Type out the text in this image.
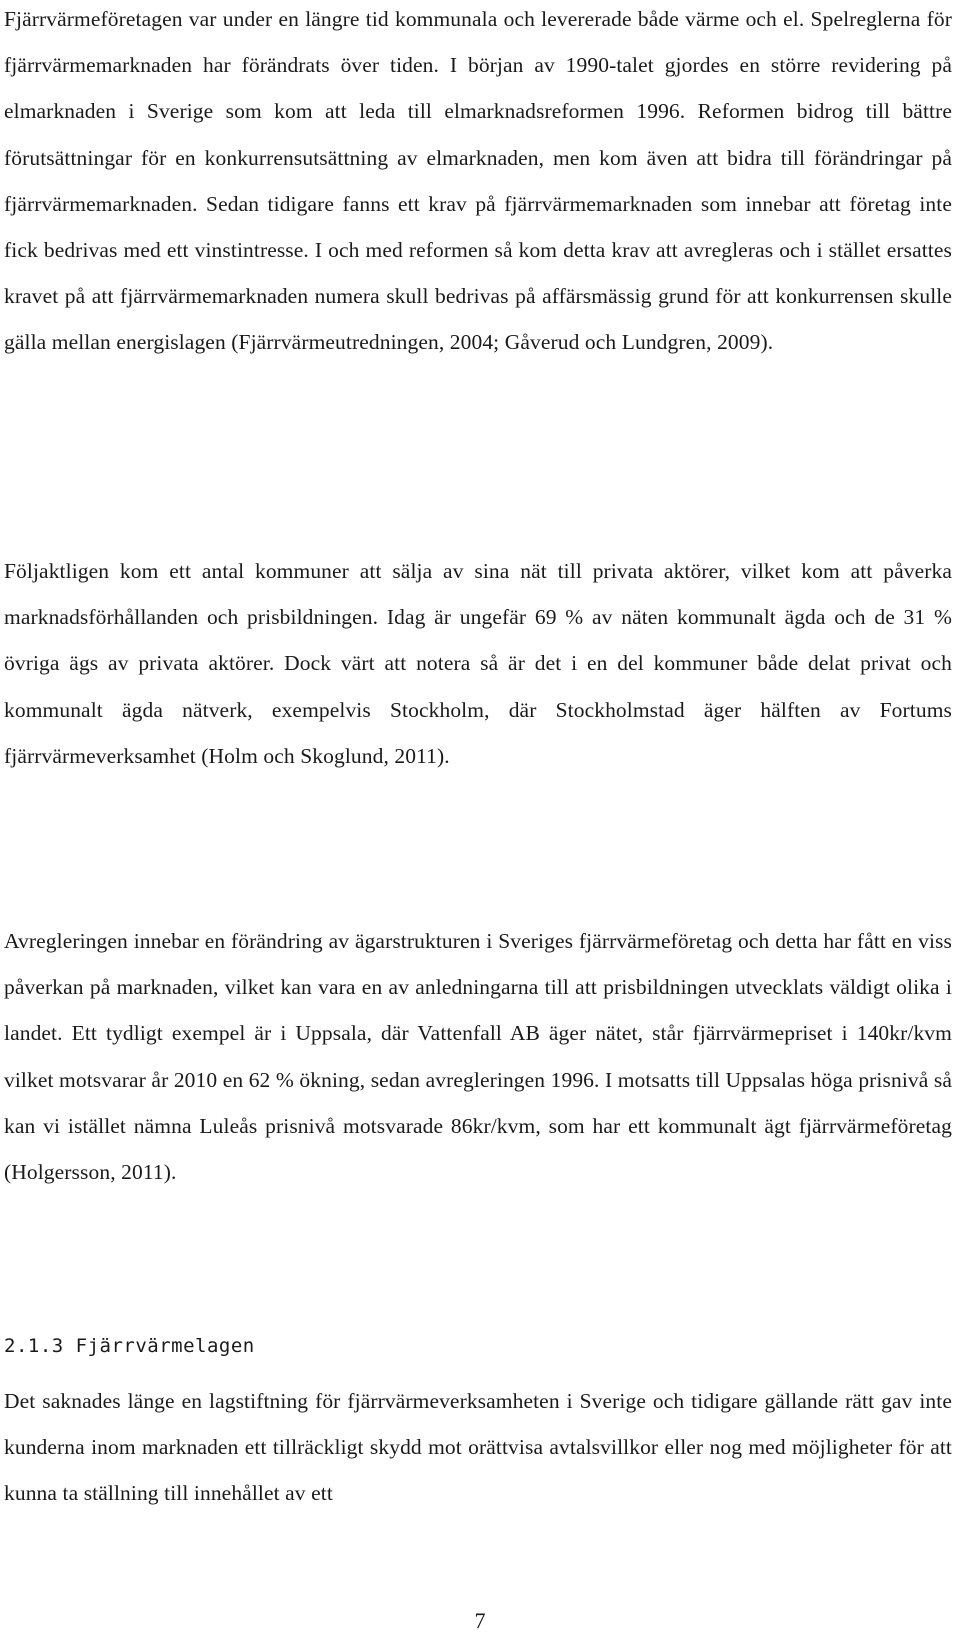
Fjärrvärmeföretagen var under en längre tid kommunala och levererade både värme och el. Spelreglerna för fjärrvärmemarknaden har förändrats över tiden. I början av 1990-talet gjordes en större revidering på elmarknaden i Sverige som kom att leda till elmarknadsreformen 1996. Reformen bidrog till bättre förutsättningar för en konkurrensutsättning av elmarknaden, men kom även att bidra till förändringar på fjärrvärmemarknaden. Sedan tidigare fanns ett krav på fjärrvärmemarknaden som innebar att företag inte fick bedrivas med ett vinstintresse. I och med reformen så kom detta krav att avregleras och i stället ersattes kravet på att fjärrvärmemarknaden numera skull bedrivas på affärsmässig grund för att konkurrensen skulle gälla mellan energislagen (Fjärrvärmeutredningen, 2004; Gåverud och Lundgren, 2009).

Följaktligen kom ett antal kommuner att sälja av sina nät till privata aktörer, vilket kom att påverka marknadsförhållanden och prisbildningen. Idag är ungefär 69 % av näten kommunalt ägda och de 31 % övriga ägs av privata aktörer. Dock värt att notera så är det i en del kommuner både delat privat och kommunalt ägda nätverk, exempelvis Stockholm, där Stockholmstad äger hälften av Fortums fjärrvärmeverksamhet (Holm och Skoglund, 2011).

Avregleringen innebar en förändring av ägarstrukturen i Sveriges fjärrvärmeföretag och detta har fått en viss påverkan på marknaden, vilket kan vara en av anledningarna till att prisbildningen utvecklats väldigt olika i landet. Ett tydligt exempel är i Uppsala, där Vattenfall AB äger nätet, står fjärrvärmepriset i 140kr/kvm vilket motsvarar år 2010 en 62 % ökning, sedan avregleringen 1996. I motsatts till Uppsalas höga prisnivå så kan vi istället nämna Luleås prisnivå motsvarade 86kr/kvm, som har ett kommunalt ägt fjärrvärmeföretag (Holgersson, 2011).

2.1.3 Fjärrvärmelagen

Det saknades länge en lagstiftning för fjärrvärmeverksamheten i Sverige och tidigare gällande rätt gav inte kunderna inom marknaden ett tillräckligt skydd mot orättvisa avtalsvillkor eller nog med möjligheter för att kunna ta ställning till innehållet av ett

7
